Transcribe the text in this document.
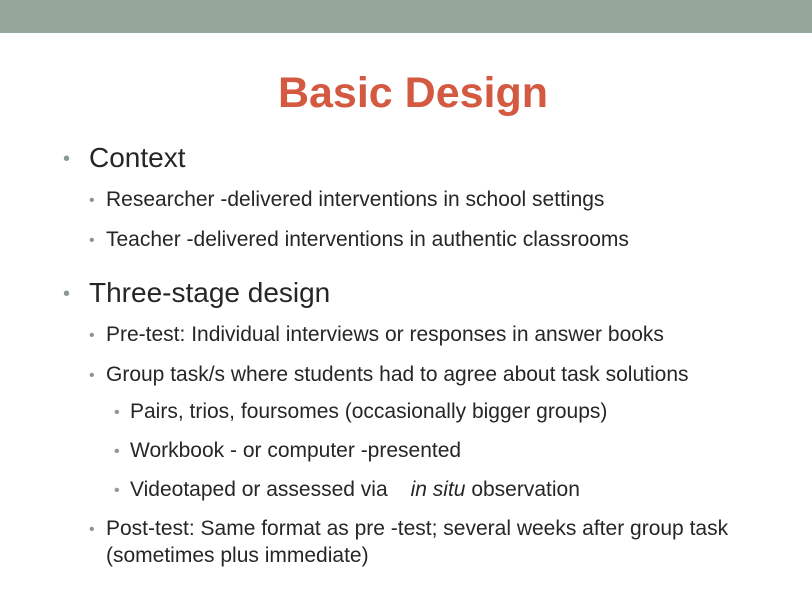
Basic Design
• Context
• Researcher -delivered interventions in school settings
• Teacher -delivered interventions in authentic classrooms
• Three-stage design
• Pre-test: Individual interviews or responses in answer books
• Group task/s where students had to agree about task solutions
• Pairs, trios, foursomes (occasionally bigger groups)
• Workbook - or computer -presented
• Videotaped or assessed via in situ observation
• Post-test: Same format as pre -test; several weeks after group task
(sometimes plus immediate)
